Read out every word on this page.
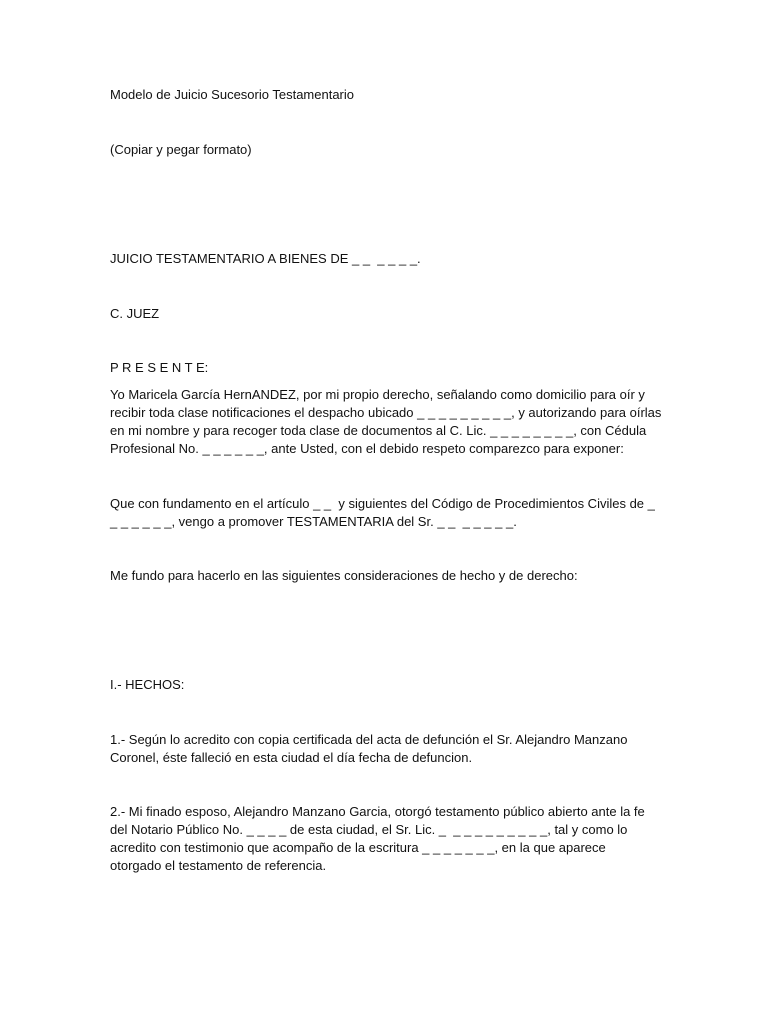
Modelo de Juicio Sucesorio Testamentario

(Copiar y pegar formato)

JUICIO TESTAMENTARIO A BIENES DE _ _  _ _ _ _.

C. JUEZ

P R E S E N T E:

Yo Maricela García HernANDEZ, por mi propio derecho, señalando como domicilio para oír y
recibir toda clase notificaciones el despacho ubicado _ _ _ _ _ _ _ _ _, y autorizando para oírlas
en mi nombre y para recoger toda clase de documentos al C. Lic. _ _ _ _ _ _ _ _, con Cédula
Profesional No. _ _ _ _ _ _, ante Usted, con el debido respeto comparezco para exponer:
Que con fundamento en el artículo _ _  y siguientes del Código de Procedimientos Civiles de _
_ _ _ _ _ _, vengo a promover TESTAMENTARIA del Sr. _ _  _ _ _ _ _.

Me fundo para hacerlo en las siguientes consideraciones de hecho y de derecho:

I.- HECHOS:

1.- Según lo acredito con copia certificada del acta de defunción el Sr. Alejandro Manzano
Coronel, éste falleció en esta ciudad el día fecha de defuncion.
2.- Mi finado esposo, Alejandro Manzano Garcia, otorgó testamento público abierto ante la fe
del Notario Público No. _ _ _ _ de esta ciudad, el Sr. Lic. _  _ _ _ _ _ _ _ _ _, tal y como lo
acredito con testimonio que acompaño de la escritura _ _ _ _ _ _ _, en la que aparece
otorgado el testamento de referencia.
